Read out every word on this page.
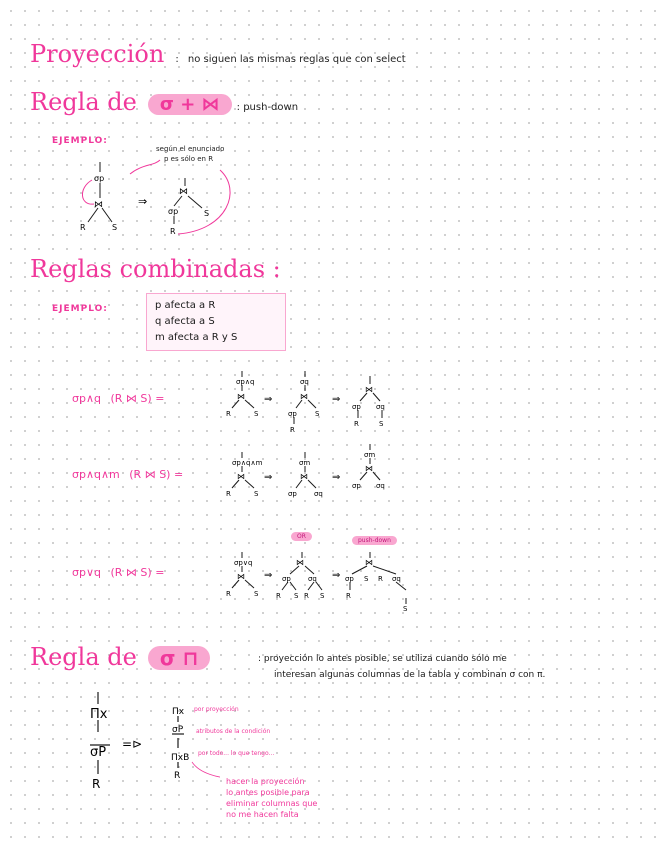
Proyección : no siguen las mismas reglas que con select
Regla de σ + ⋈ : push-down
EJEMPLO:
según el enunciado
p es sólo en R
σp
⋈
R	S
⇒
⋈
σp
R
S
Reglas combinadas :
EJEMPLO:	p afecta a R
q afecta a S
m afecta a R y S
σp∧q (R ⋈ S) =
σp∧q
⋈
R	S
⇒
σq
⋈
σp	S
R
⇒
⋈
σp σq
R	S
σp∧q∧m (R ⋈ S) =
σp∧q∧m
⋈
R	S
⇒
σm
⋈
σp σq
⇒
σm
⋈
σp σq
σp∨q (R ⋈ S) =
OR
push-down
σp∨q
⋈
R	S
⇒
⋈
σp σq
R S R S
⇒
⋈
σp S R σq
R
S
Regla de σ ⊓	: proyección lo antes posible, se utiliza cuando sólo me
interesan algunas columnas de la tabla y combinan σ con π.
Πx
σP
R
=⊳
Πx
σP
ΠxB
R
por proyección
atributos de la condición
por todo... lo que tengo...
hacer la proyección
lo antes posible para
eliminar columnas que
no me hacen falta
